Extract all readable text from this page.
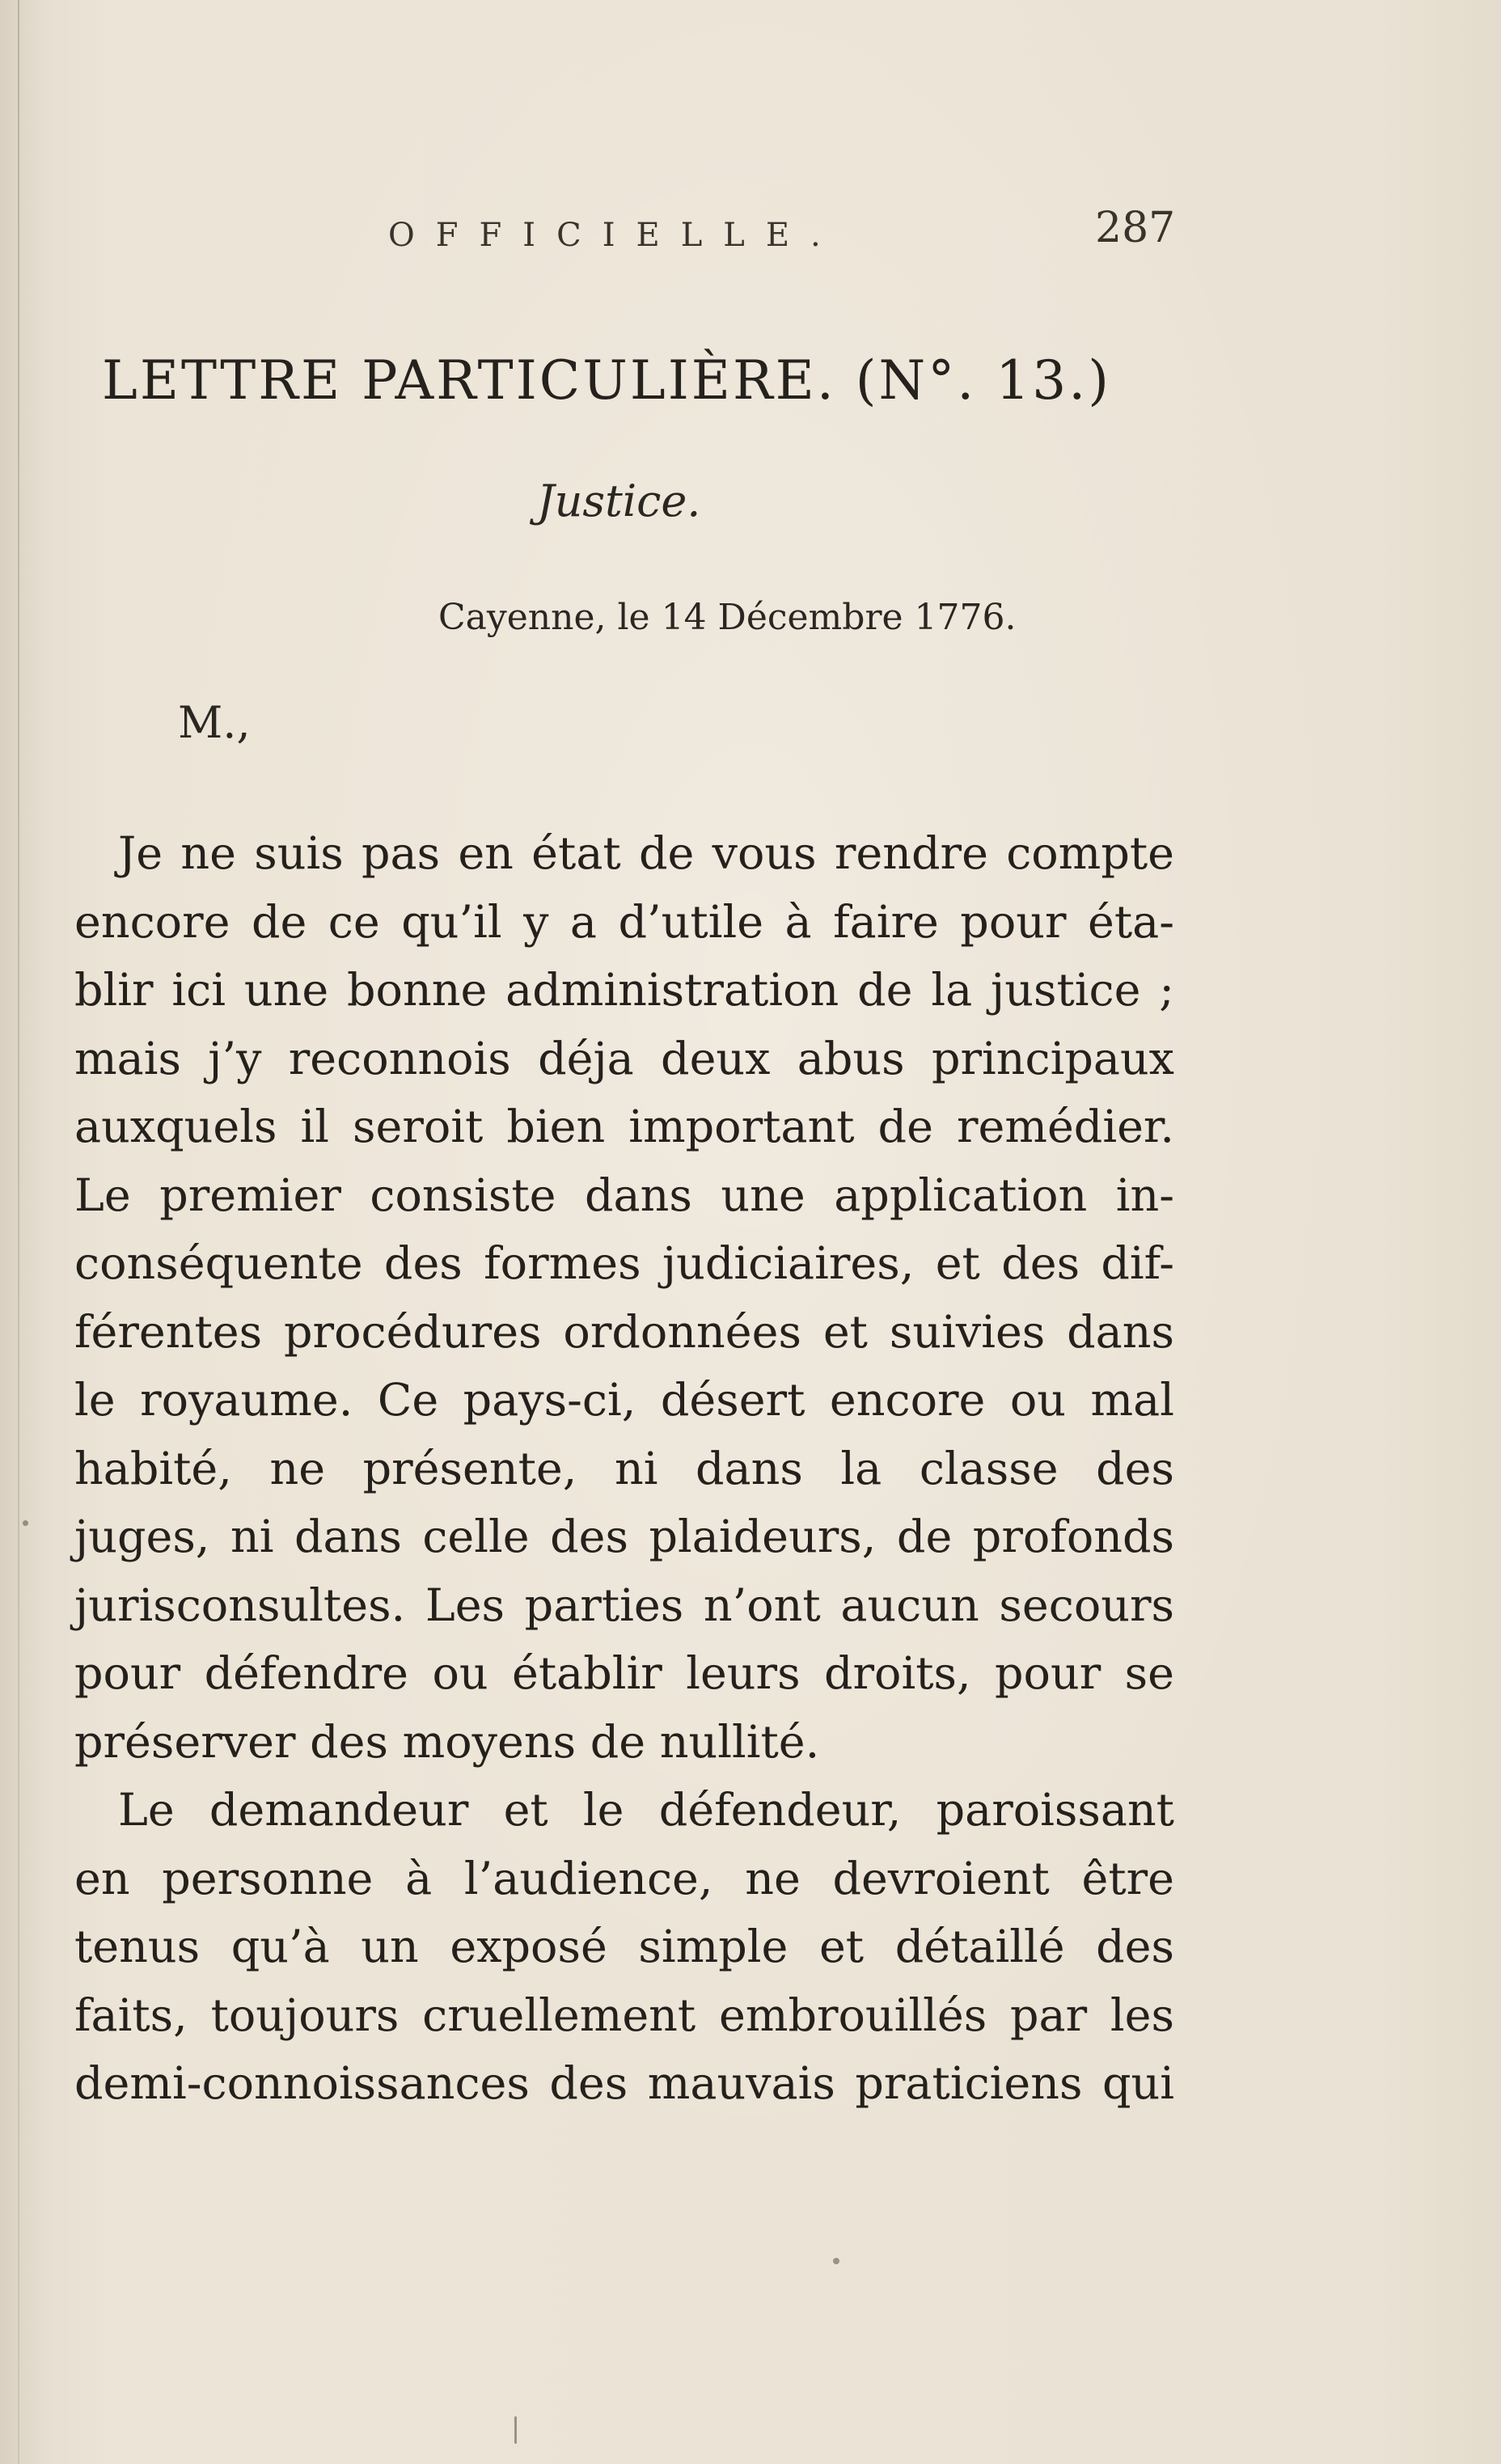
OFFICIELLE.	287
LETTRE PARTICULIÈRE. (N°. 13.)
Justice.
Cayenne, le 14 Décembre 1776.
M.,
Je ne suis pas en état de vous rendre compte
encore de ce qu’il y a d’utile à faire pour éta-
blir ici une bonne administration de la justice ;
mais j’y reconnois déja deux abus principaux
auxquels il seroit bien important de remédier.
Le premier consiste dans une application in-
conséquente des formes judiciaires, et des dif-
férentes procédures ordonnées et suivies dans
le royaume. Ce pays-ci, désert encore ou mal
habité, ne présente, ni dans la classe des
juges, ni dans celle des plaideurs, de profonds
jurisconsultes. Les parties n’ont aucun secours
pour défendre ou établir leurs droits, pour se
préserver des moyens de nullité.
Le demandeur et le défendeur, paroissant
en personne à l’audience, ne devroient être
tenus qu’à un exposé simple et détaillé des
faits, toujours cruellement embrouillés par les
demi-connoissances des mauvais praticiens qui
